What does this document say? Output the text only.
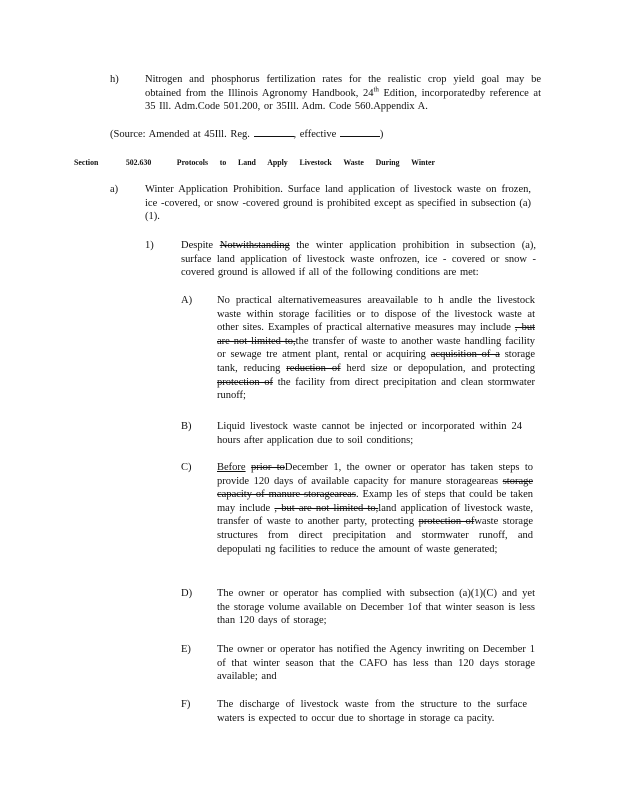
h)	Nitrogen and phosphorus fertilization rates for the realistic crop yield goal may be obtained from the Illinois Agronomy Handbook, 24th Edition, incorporatedby reference at 35 Ill. Adm.Code 501.200, or 35Ill. Adm. Code 560.Appendix A.
(Source: Amended at 45Ill. Reg.	, effective	)
Section	502.630	Protocols to Land Apply Livestock Waste During Winter
a)	Winter Application Prohibition. Surface land application of livestock waste on frozen, ice -covered, or snow -covered ground is prohibited except as specified in subsection (a)(1).
1)	Despite Notwithstanding the winter application prohibition in subsection (a), surface land application of livestock waste onfrozen, ice - covered or snow -covered ground is allowed if all of the following conditions are met:
A) No practical alternativemeasures areavailable to h andle the livestock waste within storage facilities or to dispose of the livestock waste at other sites. Examples of practical alternative measures may include , but are not limited to,the transfer of waste to another waste handling facility or sewage tre atment plant, rental or acquiring acquisition of a storage tank, reducing reduction of herd size or depopulation, and protecting protection of the facility from direct precipitation and clean stormwater runoff;
B) Liquid livestock waste cannot be injected or incorporated within 24 hours after application due to soil conditions;
C) Before prior toDecember 1, the owner or operator has taken steps to provide 120 days of available capacity for manure storageareas storage capacity of manure storageareas. Examp les of steps that could be taken may include , but are not limited to,land application of livestock waste, transfer of waste to another party, protecting protection ofwaste storage structures from direct precipitation and stormwater runoff, and depopulati ng facilities to reduce the amount of waste generated;
D) The owner or operator has complied with subsection (a)(1)(C) and yet the storage volume available on December 1of that winter season is less than 120 days of storage;
E) The owner or operator has notified the Agency inwriting on December 1 of that winter season that the CAFO has less than 120 days storage available; and
F)	The discharge of livestock waste from the structure to the surface waters is expected to occur due to shortage in storage ca pacity.
